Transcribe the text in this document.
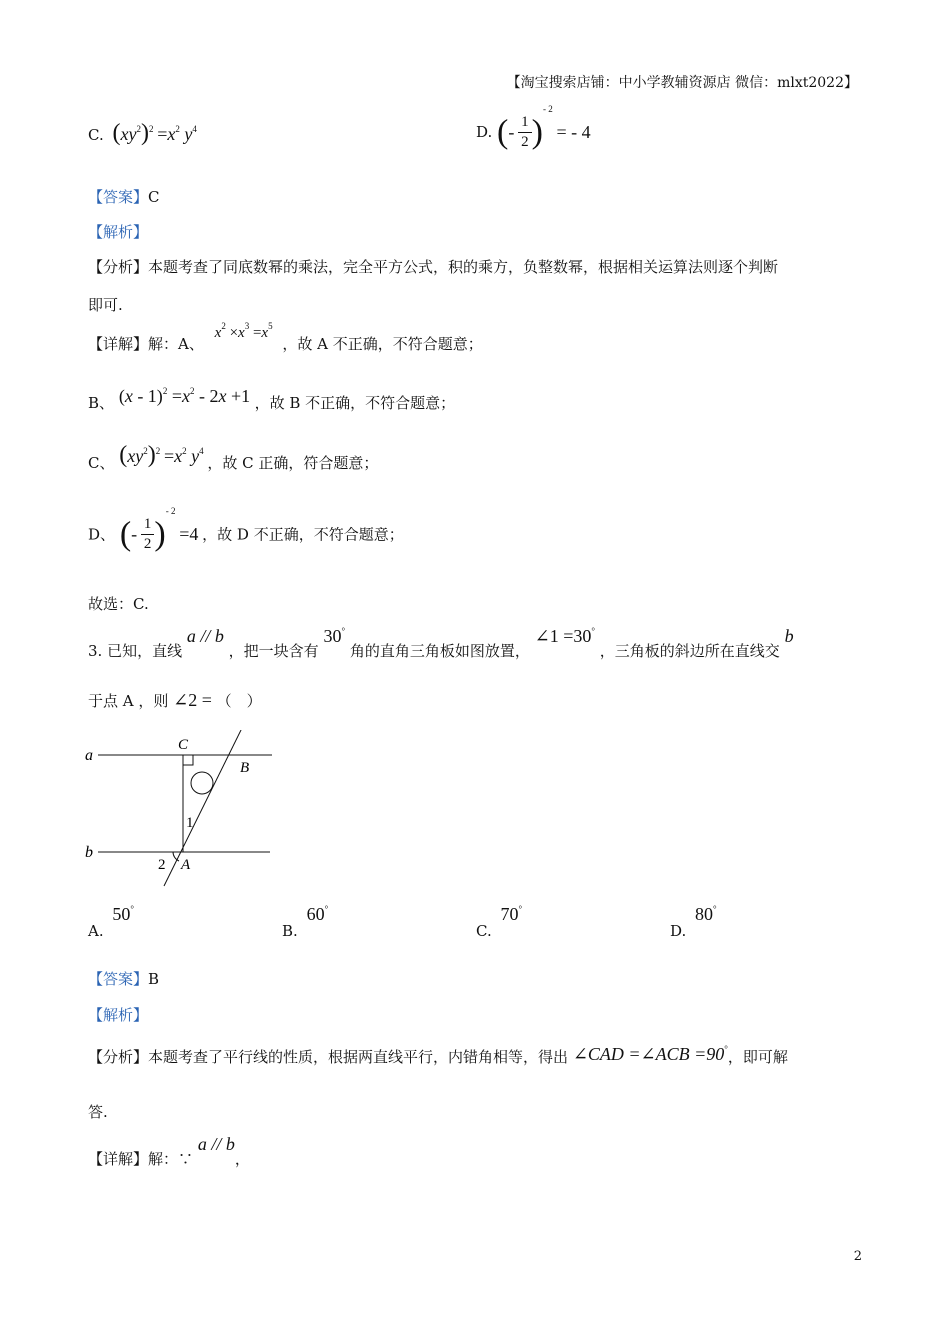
【淘宝搜索店铺：中小学教辅资源店 微信：mlxt2022】
C. $(xy^2)^2 =x^2$ $y^4$	D. (- $\frac{1}{2} )^{- 2}$ = - 4
【答案】C
【解析】
【分析】本题考查了同底数幂的乘法，完全平方公式，积的乘方，负整数幂，根据相关运算法则逐个判断
即可.
【详解】解：A、 $x^2 \times x^3 =x^5$ ，故 A 不正确，不符合题意；
B、 $(x - 1)^2 =x^2 - 2x +1$ ，故 B 不正确，不符合题意；
C、 $(xy^2)^2 =x^2$ $y^4$ ，故 C 正确，符合题意；
D、 (- $\frac{1}{2} )^{- 2} =4$ ，故 D 不正确，不符合题意；
故选：C.
3. 已知，直线 a // b ，把一块含有 30° 角的直角三角板如图放置， ∠1 =30° ，三角板的斜边所在直线交 b
于点 A ，则 ∠2 = （　）
a
b
C
B
A
1
2
A. 50°
B. 60°
C. 70°
D. 80°
【答案】B
【解析】
【分析】本题考查了平行线的性质，根据两直线平行，内错角相等，得出 ∠CAD =∠ACB =90°，即可解
答.
【详解】解：∵ a // b，
2
